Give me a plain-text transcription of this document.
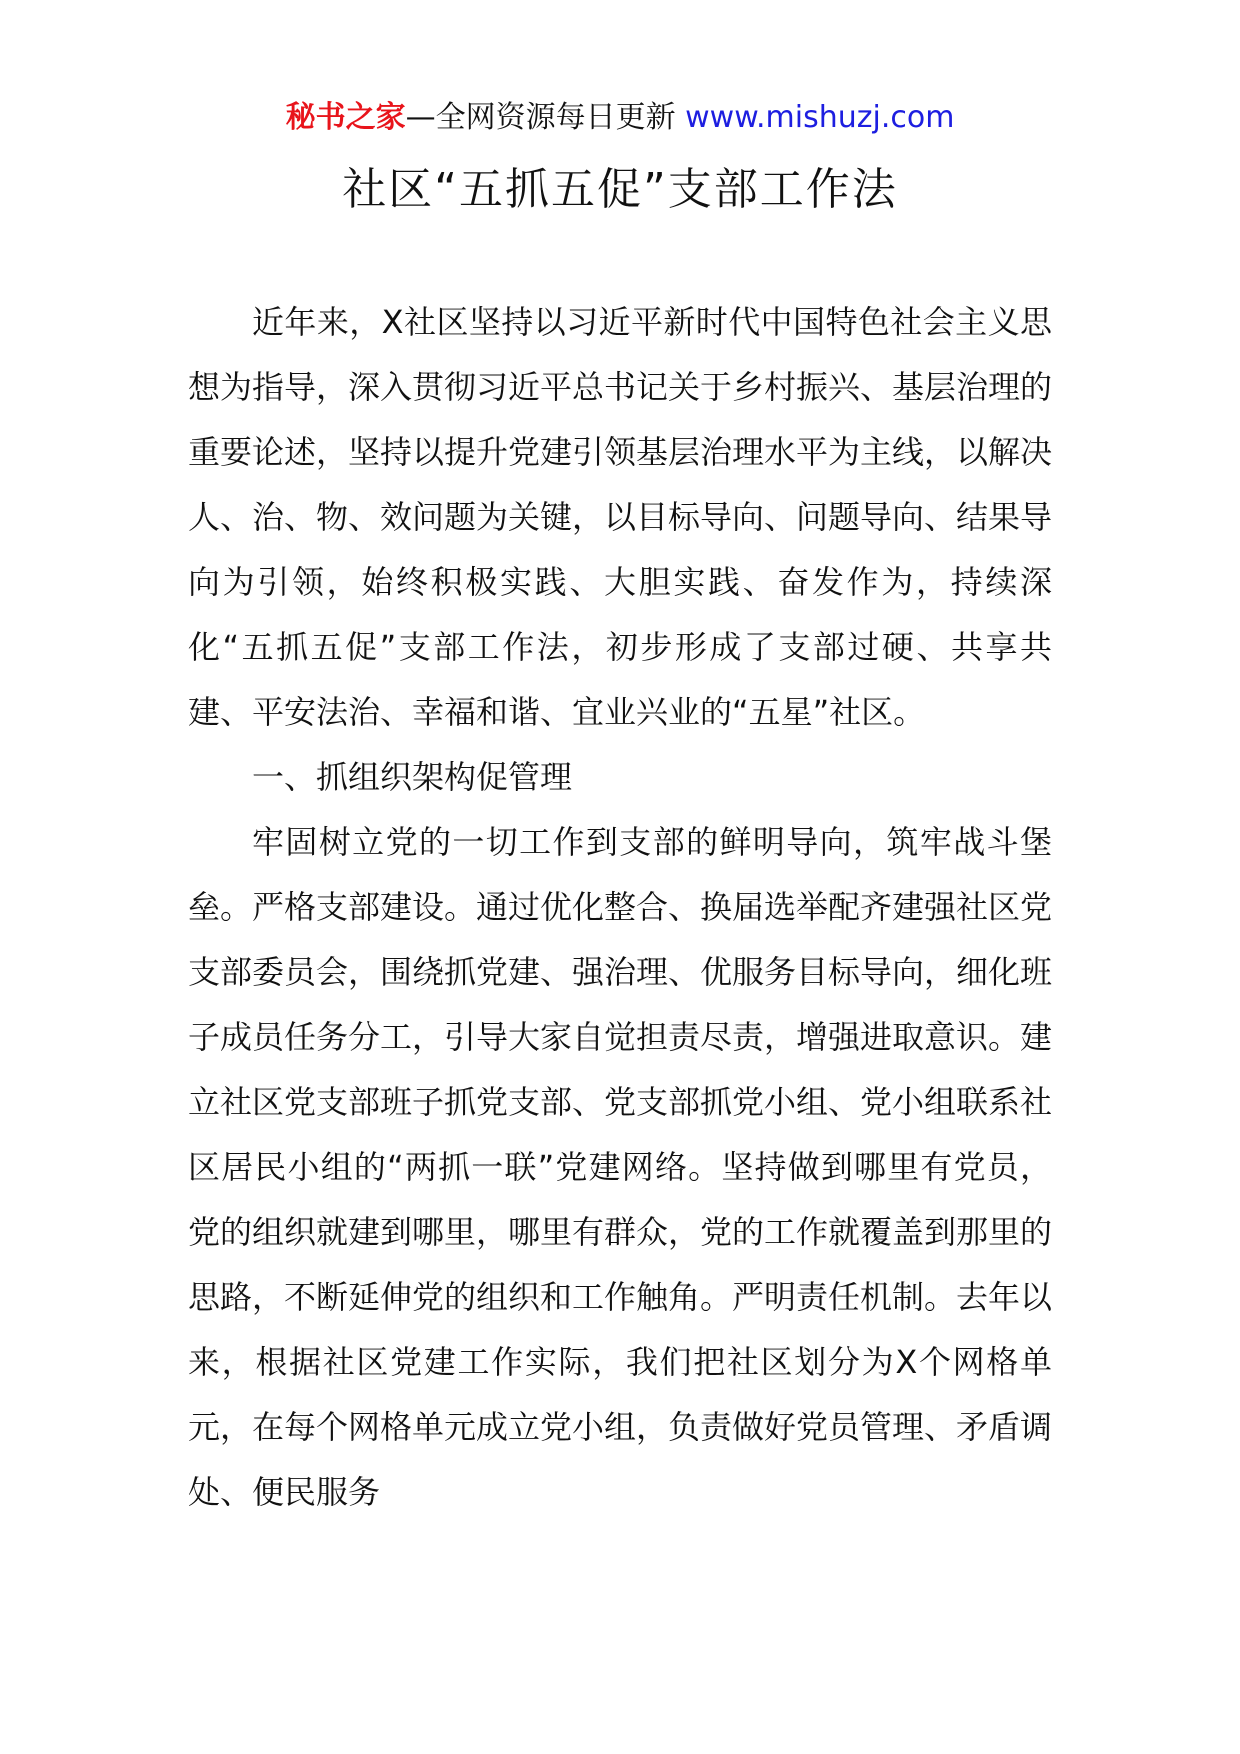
秘书之家—全网资源每日更新 www.mishuzj.com
社区“五抓五促”支部工作法

近年来，X社区坚持以习近平新时代中国特色社会主义思想为指导，深入贯彻习近平总书记关于乡村振兴、基层治理的重要论述，坚持以提升党建引领基层治理水平为主线，以解决人、治、物、效问题为关键，以目标导向、问题导向、结果导向为引领，始终积极实践、大胆实践、奋发作为，持续深化“五抓五促”支部工作法，初步形成了支部过硬、共享共建、平安法治、幸福和谐、宜业兴业的“五星”社区。

一、抓组织架构促管理

牢固树立党的一切工作到支部的鲜明导向，筑牢战斗堡垒。严格支部建设。通过优化整合、换届选举配齐建强社区党支部委员会，围绕抓党建、强治理、优服务目标导向，细化班子成员任务分工，引导大家自觉担责尽责，增强进取意识。建立社区党支部班子抓党支部、党支部抓党小组、党小组联系社区居民小组的“两抓一联”党建网络。坚持做到哪里有党员，党的组织就建到哪里，哪里有群众，党的工作就覆盖到那里的思路，不断延伸党的组织和工作触角。严明责任机制。去年以来，根据社区党建工作实际，我们把社区划分为X个网格单元，在每个网格单元成立党小组，负责做好党员管理、矛盾调处、便民服务
